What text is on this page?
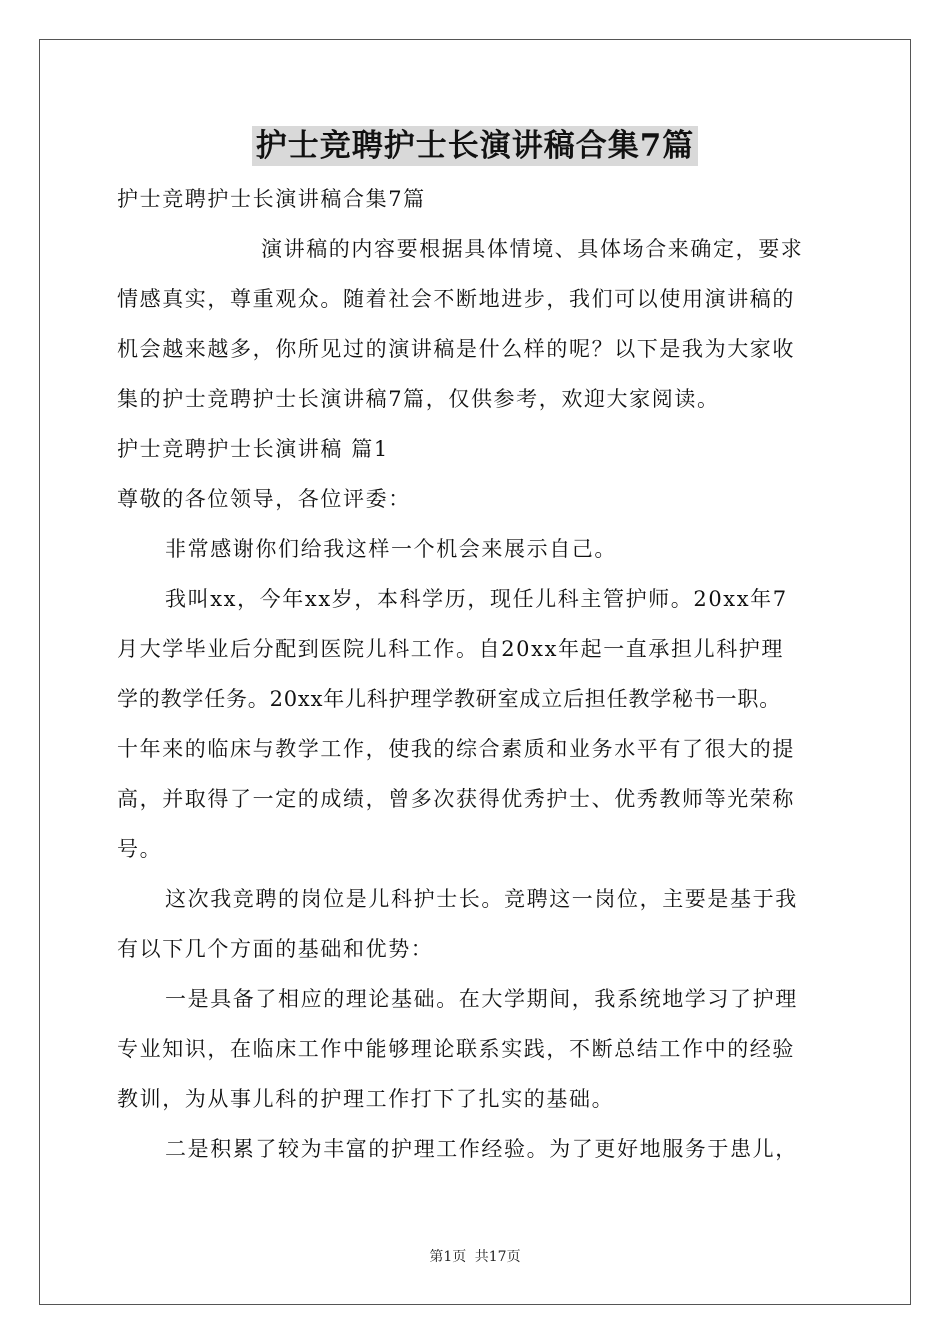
护士竞聘护士长演讲稿合集7篇
护士竞聘护士长演讲稿合集7篇
演讲稿的内容要根据具体情境、具体场合来确定，要求
情感真实，尊重观众。随着社会不断地进步，我们可以使用演讲稿的
机会越来越多，你所见过的演讲稿是什么样的呢？以下是我为大家收
集的护士竞聘护士长演讲稿7篇，仅供参考，欢迎大家阅读。
护士竞聘护士长演讲稿 篇1
尊敬的各位领导，各位评委：
非常感谢你们给我这样一个机会来展示自己。
我叫xx，今年xx岁，本科学历，现任儿科主管护师。20xx年7
月大学毕业后分配到医院儿科工作。自20xx年起一直承担儿科护理
学的教学任务。20xx年儿科护理学教研室成立后担任教学秘书一职。
十年来的临床与教学工作，使我的综合素质和业务水平有了很大的提
高，并取得了一定的成绩，曾多次获得优秀护士、优秀教师等光荣称
号。
这次我竞聘的岗位是儿科护士长。竞聘这一岗位，主要是基于我
有以下几个方面的基础和优势：
一是具备了相应的理论基础。在大学期间，我系统地学习了护理
专业知识，在临床工作中能够理论联系实践，不断总结工作中的经验
教训，为从事儿科的护理工作打下了扎实的基础。
二是积累了较为丰富的护理工作经验。为了更好地服务于患儿，
第1页 共17页
